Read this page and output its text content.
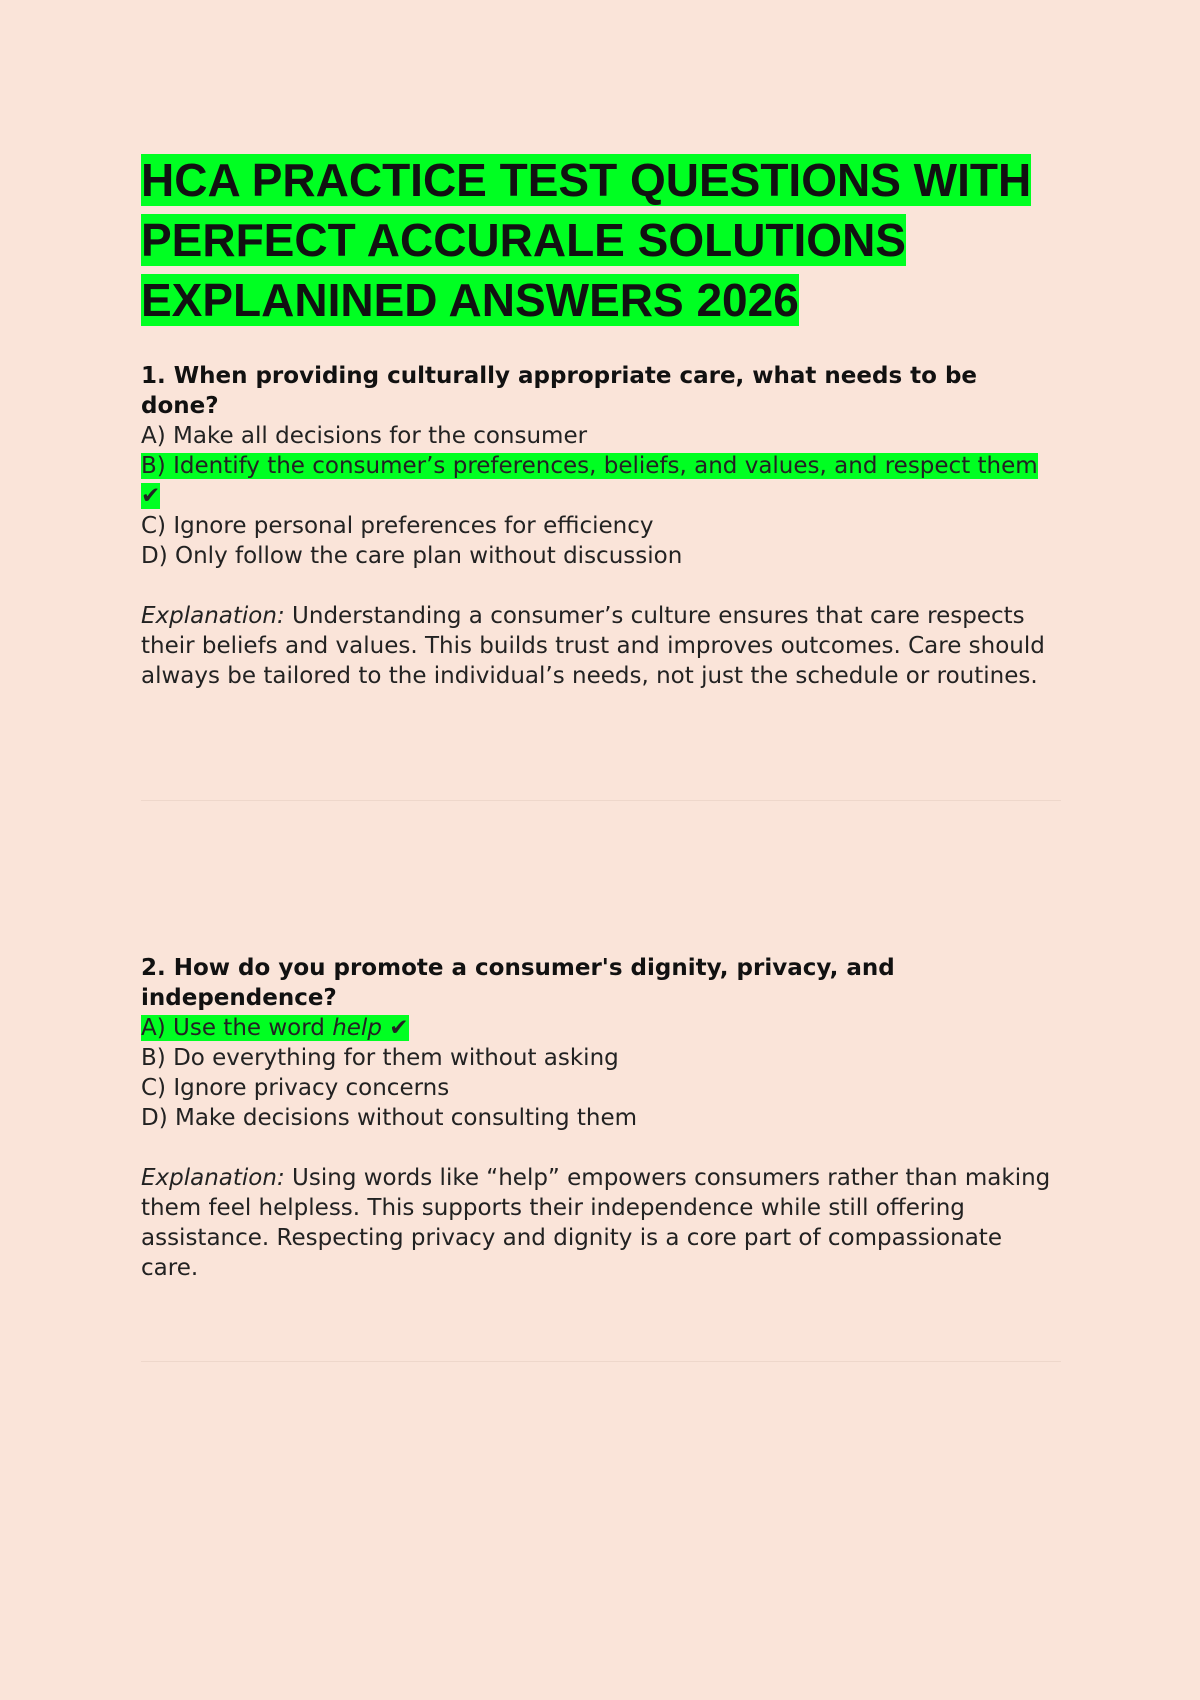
HCA PRACTICE TEST QUESTIONS WITH
PERFECT ACCURALE SOLUTIONS
EXPLANINED ANSWERS 2026

1. When providing culturally appropriate care, what needs to be done?

A) Make all decisions for the consumer

B) Identify the consumer’s preferences, beliefs, and values, and respect them ✔

C) Ignore personal preferences for efficiency

D) Only follow the care plan without discussion

Explanation: Understanding a consumer’s culture ensures that care respects their beliefs and values. This builds trust and improves outcomes. Care should always be tailored to the individual’s needs, not just the schedule or routines.

2. How do you promote a consumer's dignity, privacy, and independence?

A) Use the word help ✔

B) Do everything for them without asking

C) Ignore privacy concerns

D) Make decisions without consulting them

Explanation: Using words like “help” empowers consumers rather than making them feel helpless. This supports their independence while still offering assistance. Respecting privacy and dignity is a core part of compassionate care.
